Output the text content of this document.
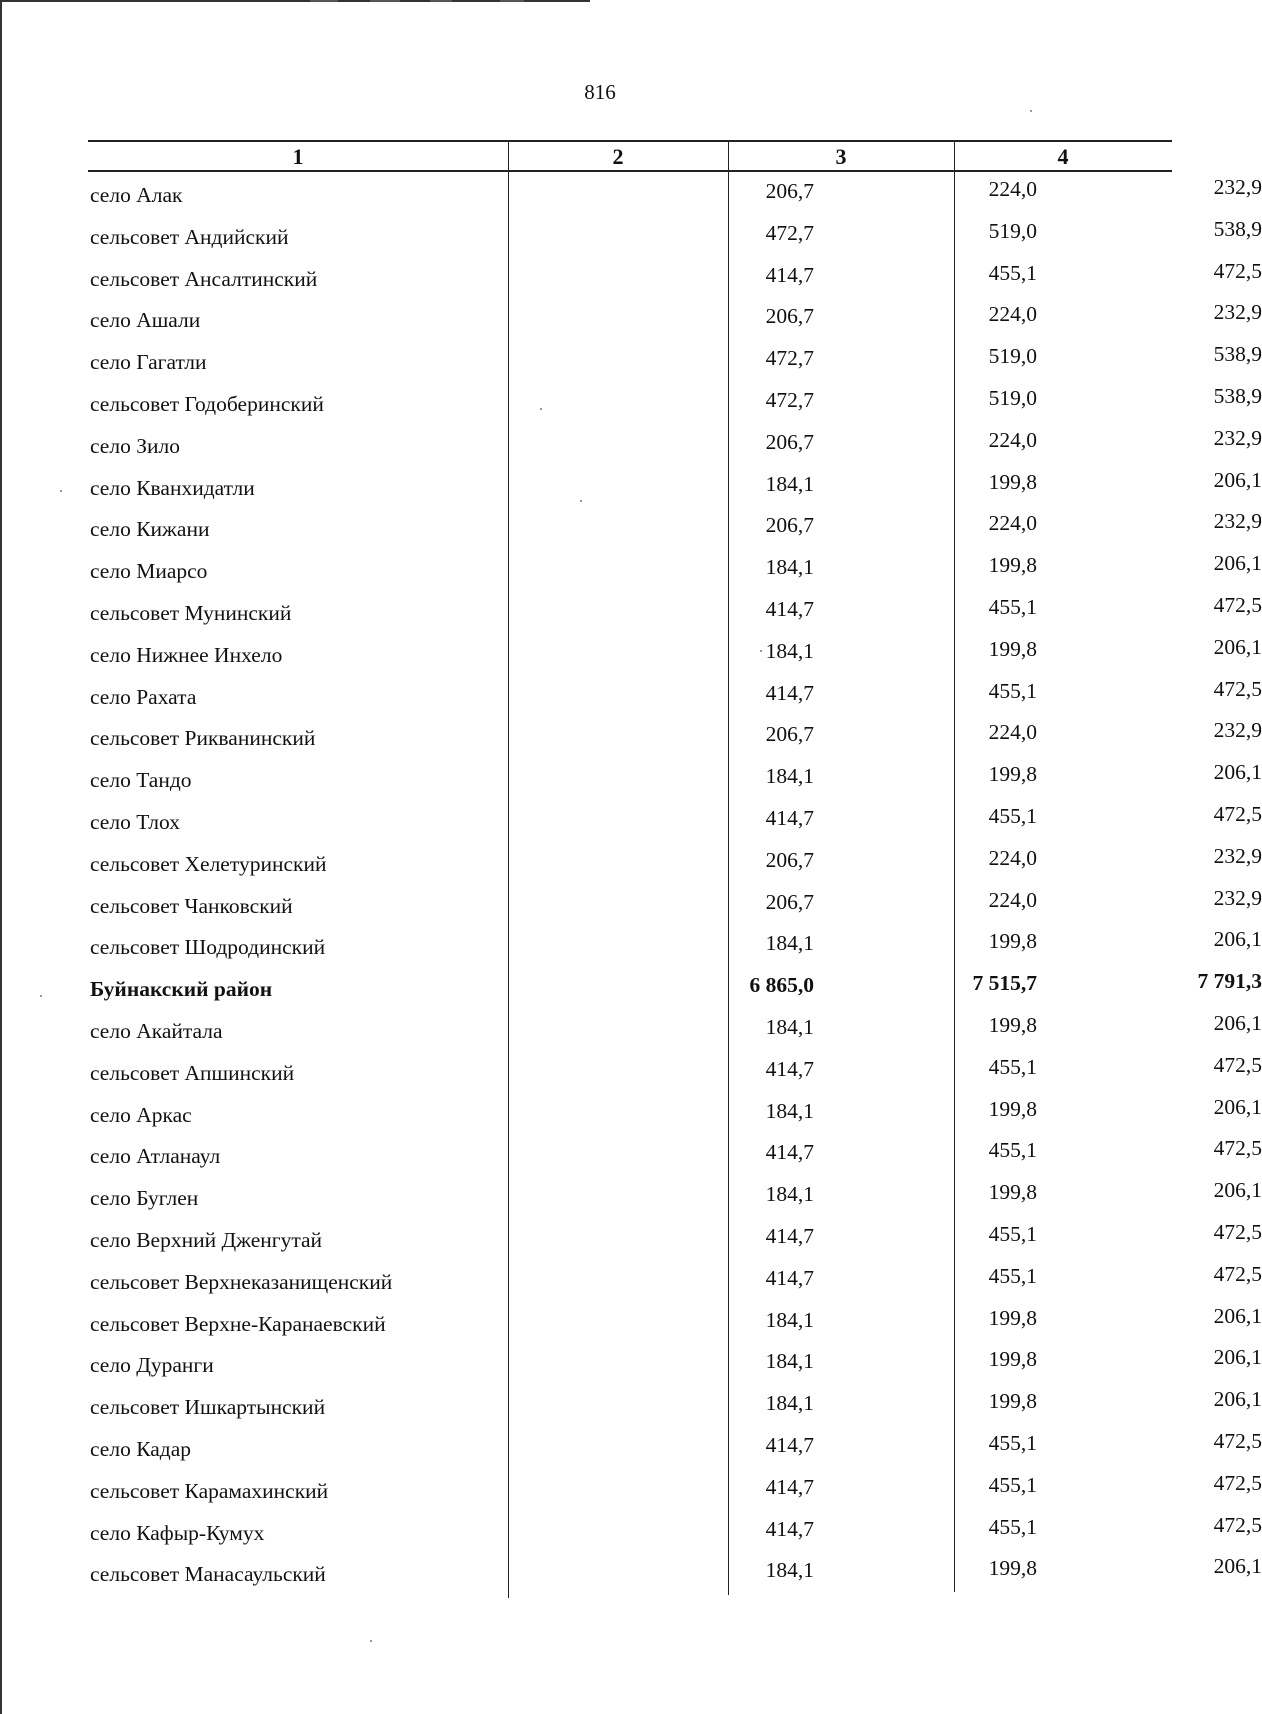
816
1	2	3	4
село Алак	206,7	224,0	232,9
сельсовет Андийский	472,7	519,0	538,9
сельсовет Ансалтинский	414,7	455,1	472,5
село Ашали	206,7	224,0	232,9
село Гагатли	472,7	519,0	538,9
сельсовет Годоберинский	472,7	519,0	538,9
село Зило	206,7	224,0	232,9
село Кванхидатли	184,1	199,8	206,1
село Кижани	206,7	224,0	232,9
село Миарсо	184,1	199,8	206,1
сельсовет Мунинский	414,7	455,1	472,5
село Нижнее Инхело	184,1	199,8	206,1
село Рахата	414,7	455,1	472,5
сельсовет Рикванинский	206,7	224,0	232,9
село Тандо	184,1	199,8	206,1
село Тлох	414,7	455,1	472,5
сельсовет Хелетуринский	206,7	224,0	232,9
сельсовет Чанковский	206,7	224,0	232,9
сельсовет Шодродинский	184,1	199,8	206,1
Буйнакский район	6 865,0	7 515,7	7 791,3
село Акайтала	184,1	199,8	206,1
сельсовет Апшинский	414,7	455,1	472,5
село Аркас	184,1	199,8	206,1
село Атланаул	414,7	455,1	472,5
село Буглен	184,1	199,8	206,1
село Верхний Дженгутай	414,7	455,1	472,5
сельсовет Верхнеказанищенский	414,7	455,1	472,5
сельсовет Верхне-Каранаевский	184,1	199,8	206,1
село Дуранги	184,1	199,8	206,1
сельсовет Ишкартынский	184,1	199,8	206,1
село Кадар	414,7	455,1	472,5
сельсовет Карамахинский	414,7	455,1	472,5
село Кафыр-Кумух	414,7	455,1	472,5
сельсовет Манасаульский	184,1	199,8	206,1
